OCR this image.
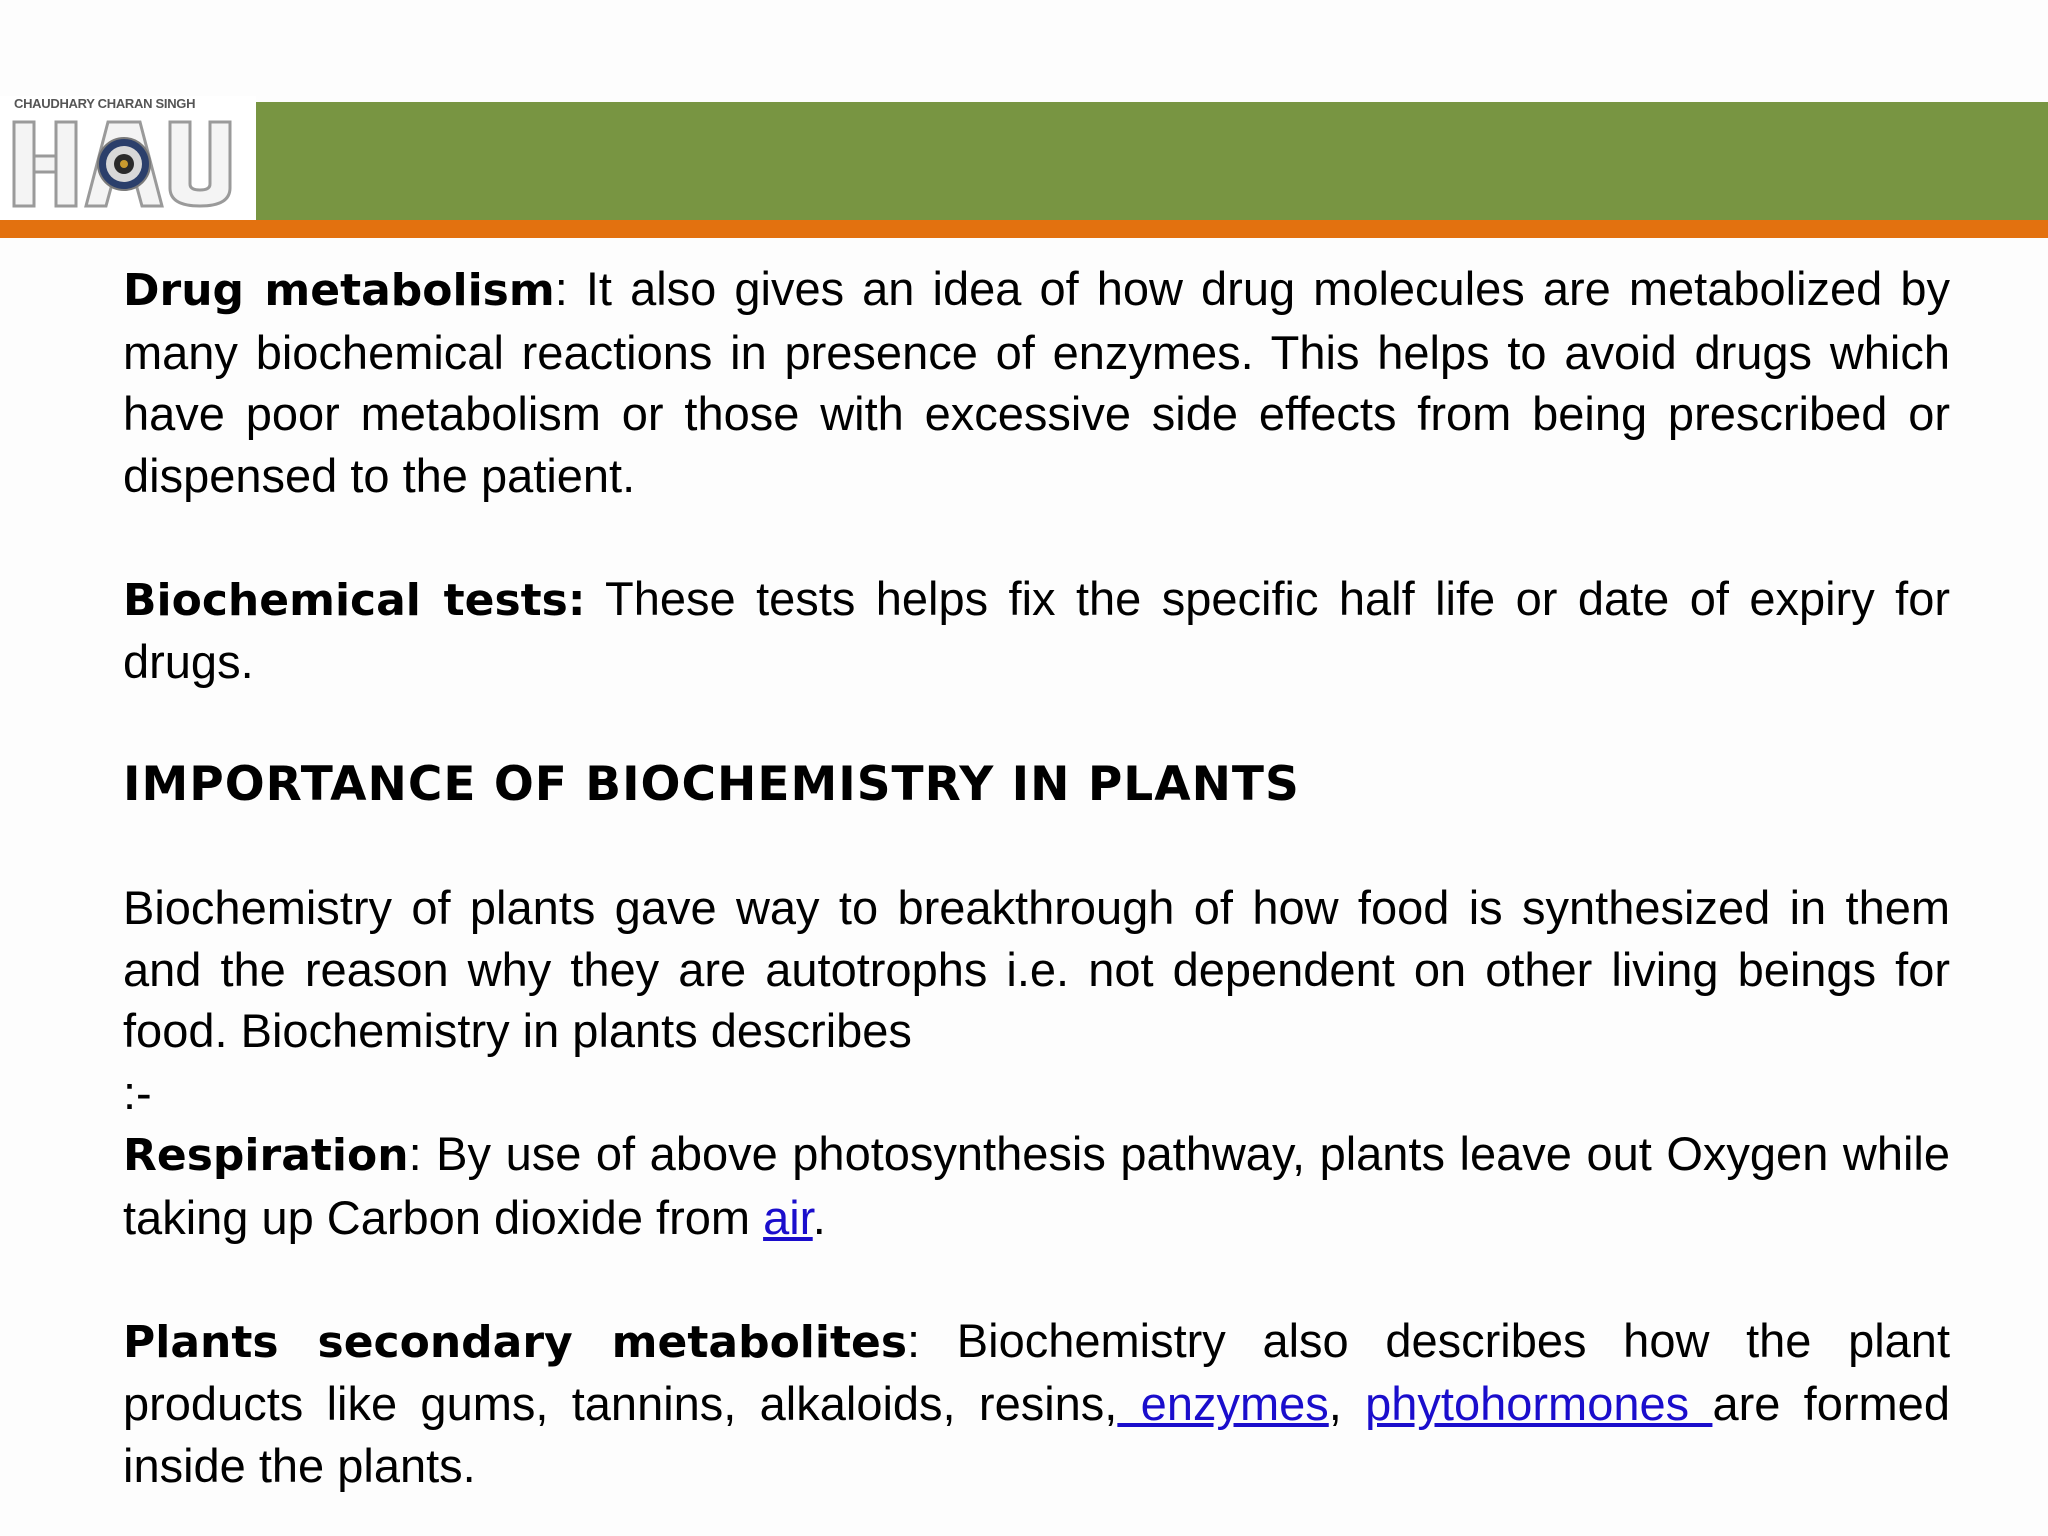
CHAUDHARY CHARAN SINGH

Drug metabolism: It also gives an idea of how drug molecules are metabolized by many biochemical reactions in presence of enzymes. This helps to avoid drugs which have poor metabolism or those with excessive side effects from being prescribed or dispensed to the patient.

Biochemical tests: These tests helps fix the specific half life or date of expiry for drugs.

IMPORTANCE OF BIOCHEMISTRY IN PLANTS

Biochemistry of plants gave way to breakthrough of how food is synthesized in them and the reason why they are autotrophs i.e. not dependent on other living beings for food. Biochemistry in plants describes

:-

Respiration: By use of above photosynthesis pathway, plants leave out Oxygen while taking up Carbon dioxide from air.

Plants secondary metabolites: Biochemistry also describes how the plant products like gums, tannins, alkaloids, resins, enzymes, phytohormones are formed inside the plants.
